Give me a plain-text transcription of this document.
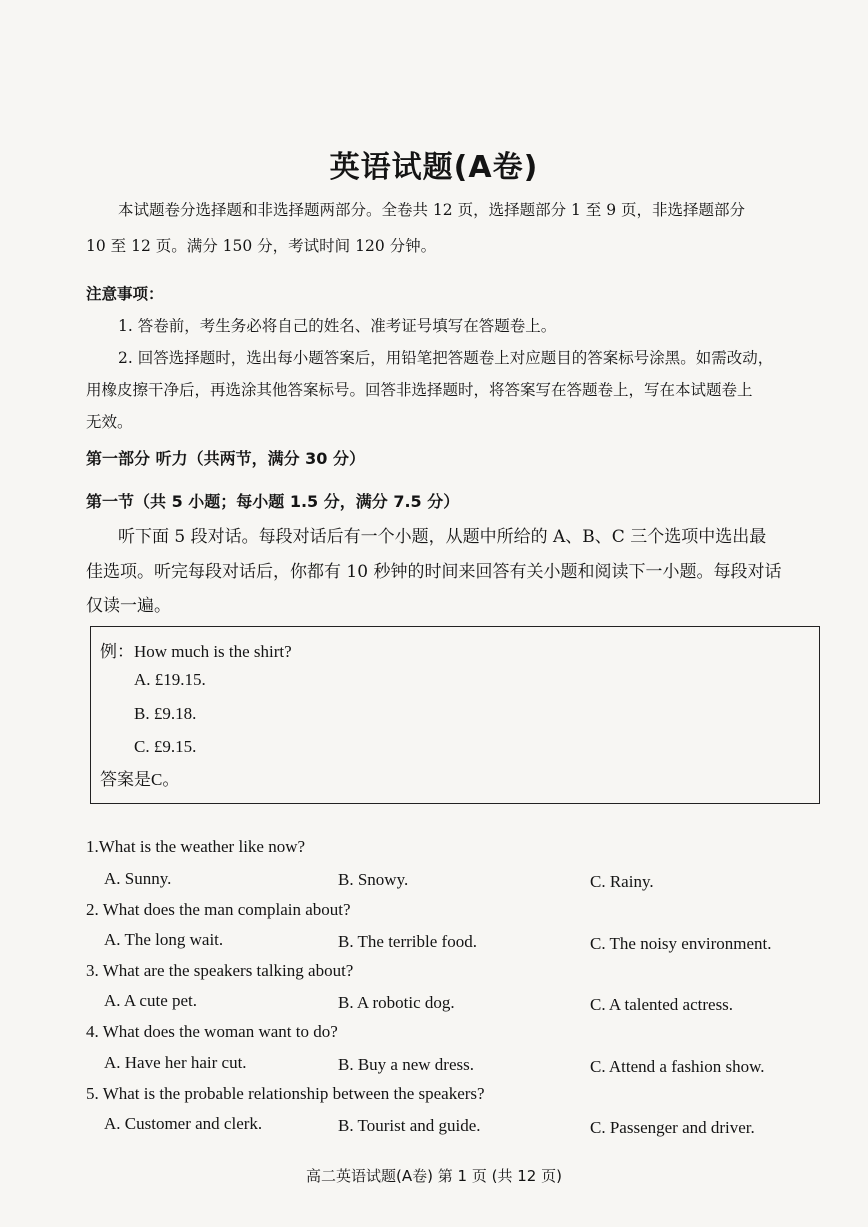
英语试题(A卷)
本试题卷分选择题和非选择题两部分。全卷共 12 页，选择题部分 1 至 9 页，非选择题部分
10 至 12 页。满分 150 分，考试时间 120 分钟。
注意事项：
1. 答卷前，考生务必将自己的姓名、准考证号填写在答题卷上。
2. 回答选择题时，选出每小题答案后，用铅笔把答题卷上对应题目的答案标号涂黑。如需改动，
用橡皮擦干净后，再选涂其他答案标号。回答非选择题时，将答案写在答题卷上，写在本试题卷上
无效。
第一部分 听力（共两节，满分 30 分）
第一节（共 5 小题；每小题 1.5 分，满分 7.5 分）
听下面 5 段对话。每段对话后有一个小题，从题中所给的 A、B、C 三个选项中选出最
佳选项。听完每段对话后，你都有 10 秒钟的时间来回答有关小题和阅读下一小题。每段对话
仅读一遍。
例：How much is the shirt?
A. £19.15.
B. £9.18.
C. £9.15.
答案是C。
1.What is the weather like now?
A. Sunny.	B. Snowy.	C. Rainy.
2. What does the man complain about?
A. The long wait.	B. The terrible food.	C. The noisy environment.
3. What are the speakers talking about?
A. A cute pet.	B. A robotic dog.	C. A talented actress.
4. What does the woman want to do?
A. Have her hair cut.	B. Buy a new dress.	C. Attend a fashion show.
5. What is the probable relationship between the speakers?
A. Customer and clerk.	B. Tourist and guide.	C. Passenger and driver.
高二英语试题(A卷) 第 1 页 (共 12 页)
